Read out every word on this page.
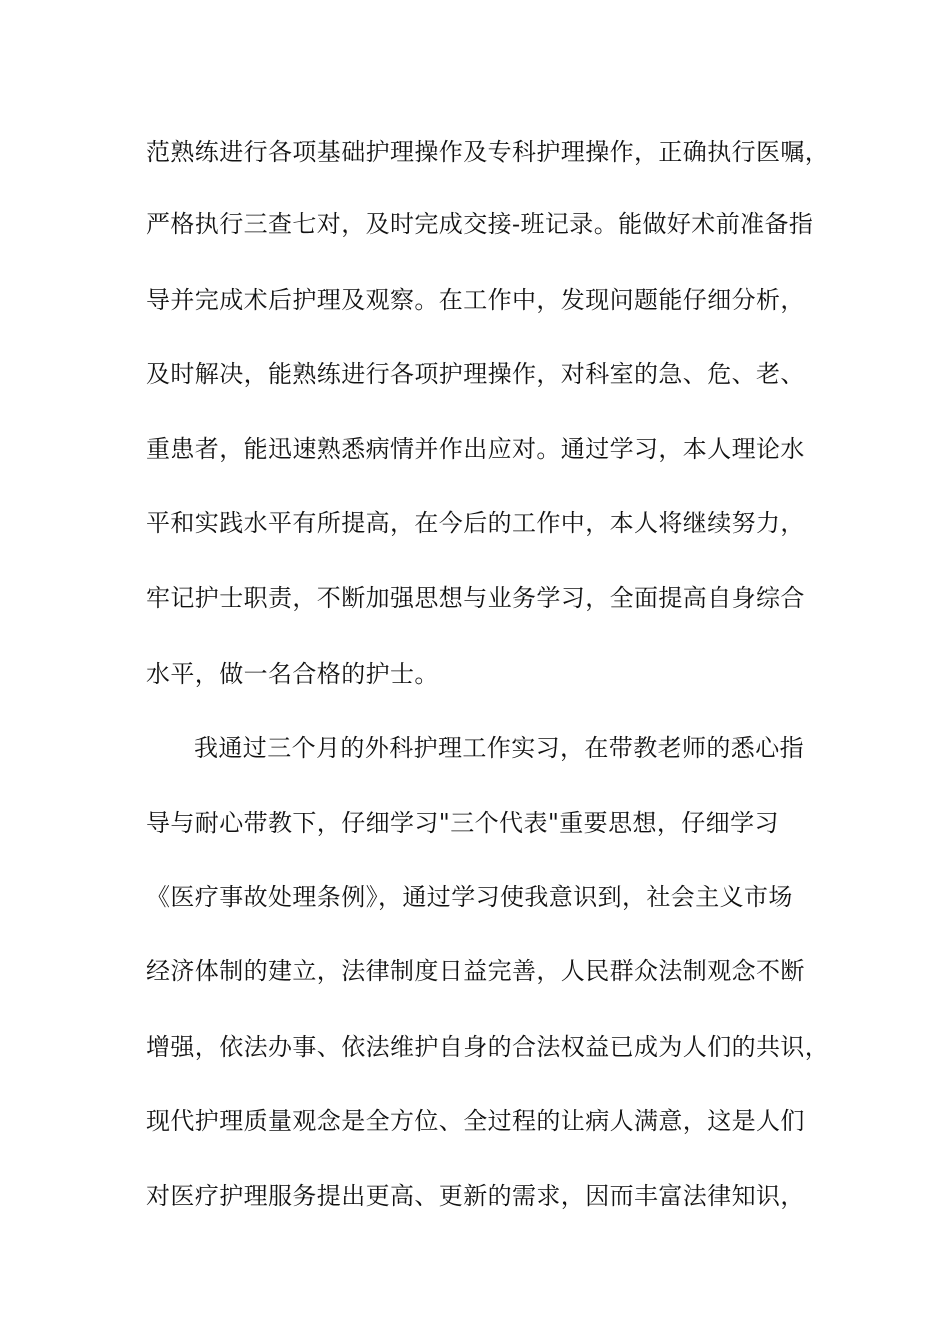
范熟练进行各项基础护理操作及专科护理操作，正确执行医嘱，
严格执行三查七对，及时完成交接-班记录。能做好术前准备指
导并完成术后护理及观察。在工作中，发现问题能仔细分析，
及时解决，能熟练进行各项护理操作，对科室的急、危、老、
重患者，能迅速熟悉病情并作出应对。通过学习，本人理论水
平和实践水平有所提高，在今后的工作中，本人将继续努力，
牢记护士职责，不断加强思想与业务学习，全面提高自身综合
水平，做一名合格的护士。
我通过三个月的外科护理工作实习，在带教老师的悉心指
导与耐心带教下，仔细学习"三个代表"重要思想，仔细学习
《医疗事故处理条例》，通过学习使我意识到，社会主义市场
经济体制的建立，法律制度日益完善，人民群众法制观念不断
增强，依法办事、依法维护自身的合法权益已成为人们的共识，
现代护理质量观念是全方位、全过程的让病人满意，这是人们
对医疗护理服务提出更高、更新的需求，因而丰富法律知识，
